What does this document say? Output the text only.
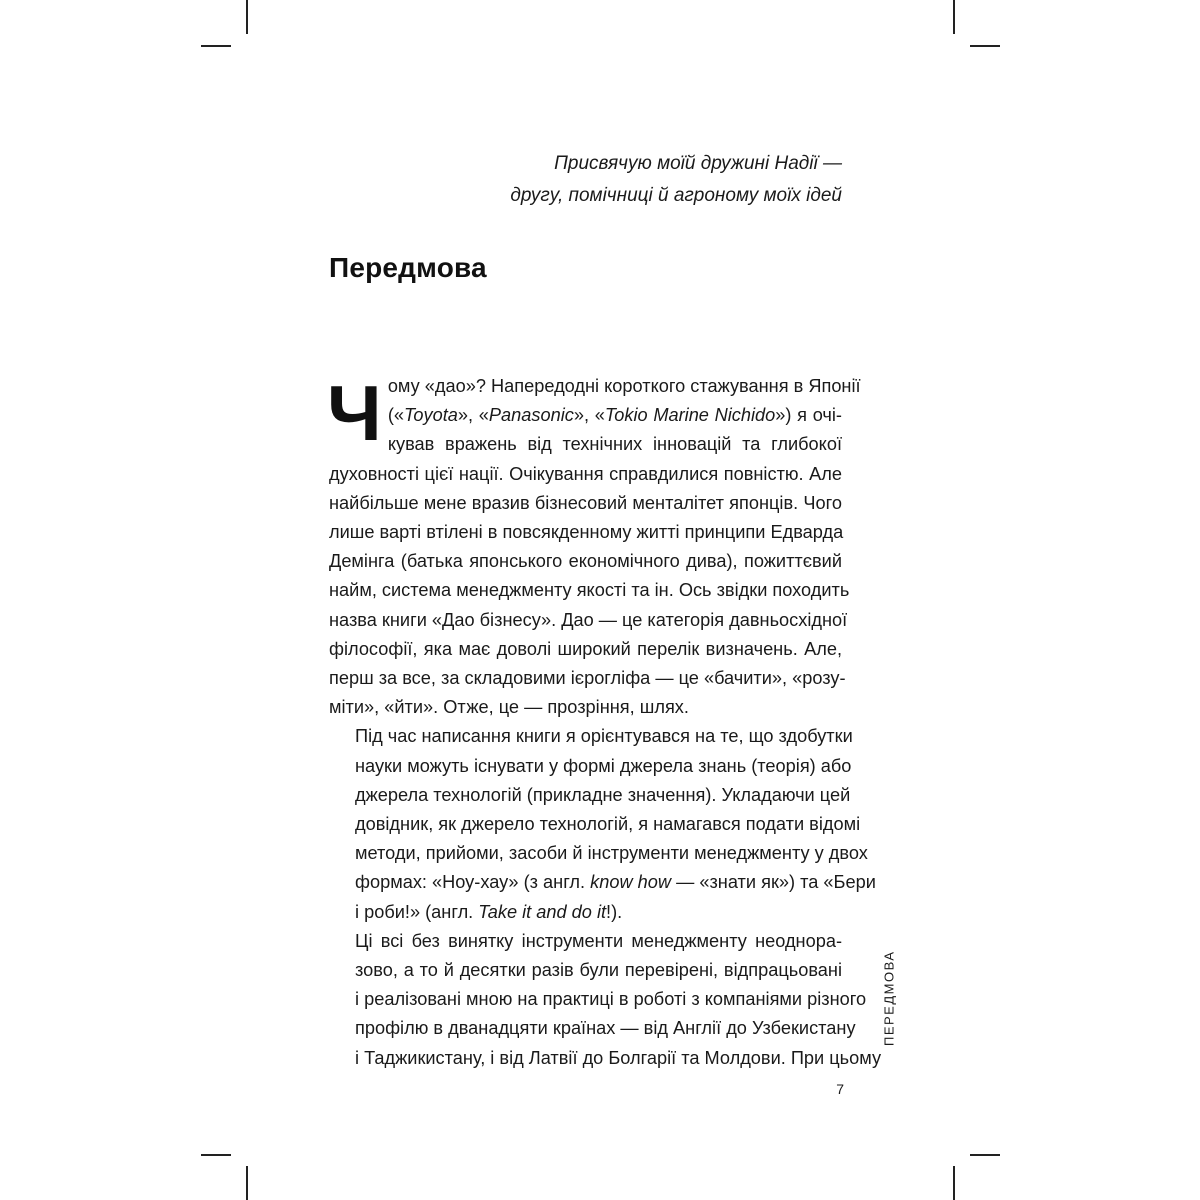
Присвячую моїй дружині Надії —
другу, помічниці й агроному моїх ідей
Передмова

Ч ому «дао»? Напередодні короткого стажування в Японії
(«Toyota», «Panasonic», «Tokio Marine Nichido») я очі-
кував вражень від технічних інновацій та глибокої
духовності цієї нації. Очікування справдилися повністю. Але
найбільше мене вразив бізнесовий менталітет японців. Чого
лише варті втілені в повсякденному житті принципи Едварда
Демінга (батька японського економічного дива), пожиттєвий
найм, система менеджменту якості та ін. Ось звідки походить
назва книги «Дао бізнесу». Дао — це категорія давньосхідної
філософії, яка має доволі широкий перелік визначень. Але,
перш за все, за складовими ієрогліфа — це «бачити», «розу-
міти», «йти». Отже, це — прозріння, шлях.

Під час написання книги я орієнтувався на те, що здобутки
науки можуть існувати у формі джерела знань (теорія) або
джерела технологій (прикладне значення). Укладаючи цей
довідник, як джерело технологій, я намагався подати відомі
методи, прийоми, засоби й інструменти менеджменту у двох
формах: «Ноу-хау» (з англ. know how — «знати як») та «Бери
і роби!» (англ. Take it and do it!).

Ці всі без винятку інструменти менеджменту неоднора-
зово, а то й десятки разів були перевірені, відпрацьовані
і реалізовані мною на практиці в роботі з компаніями різного
профілю в дванадцяти країнах — від Англії до Узбекистану
і Таджикистану, і від Латвії до Болгарії та Молдови. При цьому

ПЕРЕДМОВА
7
